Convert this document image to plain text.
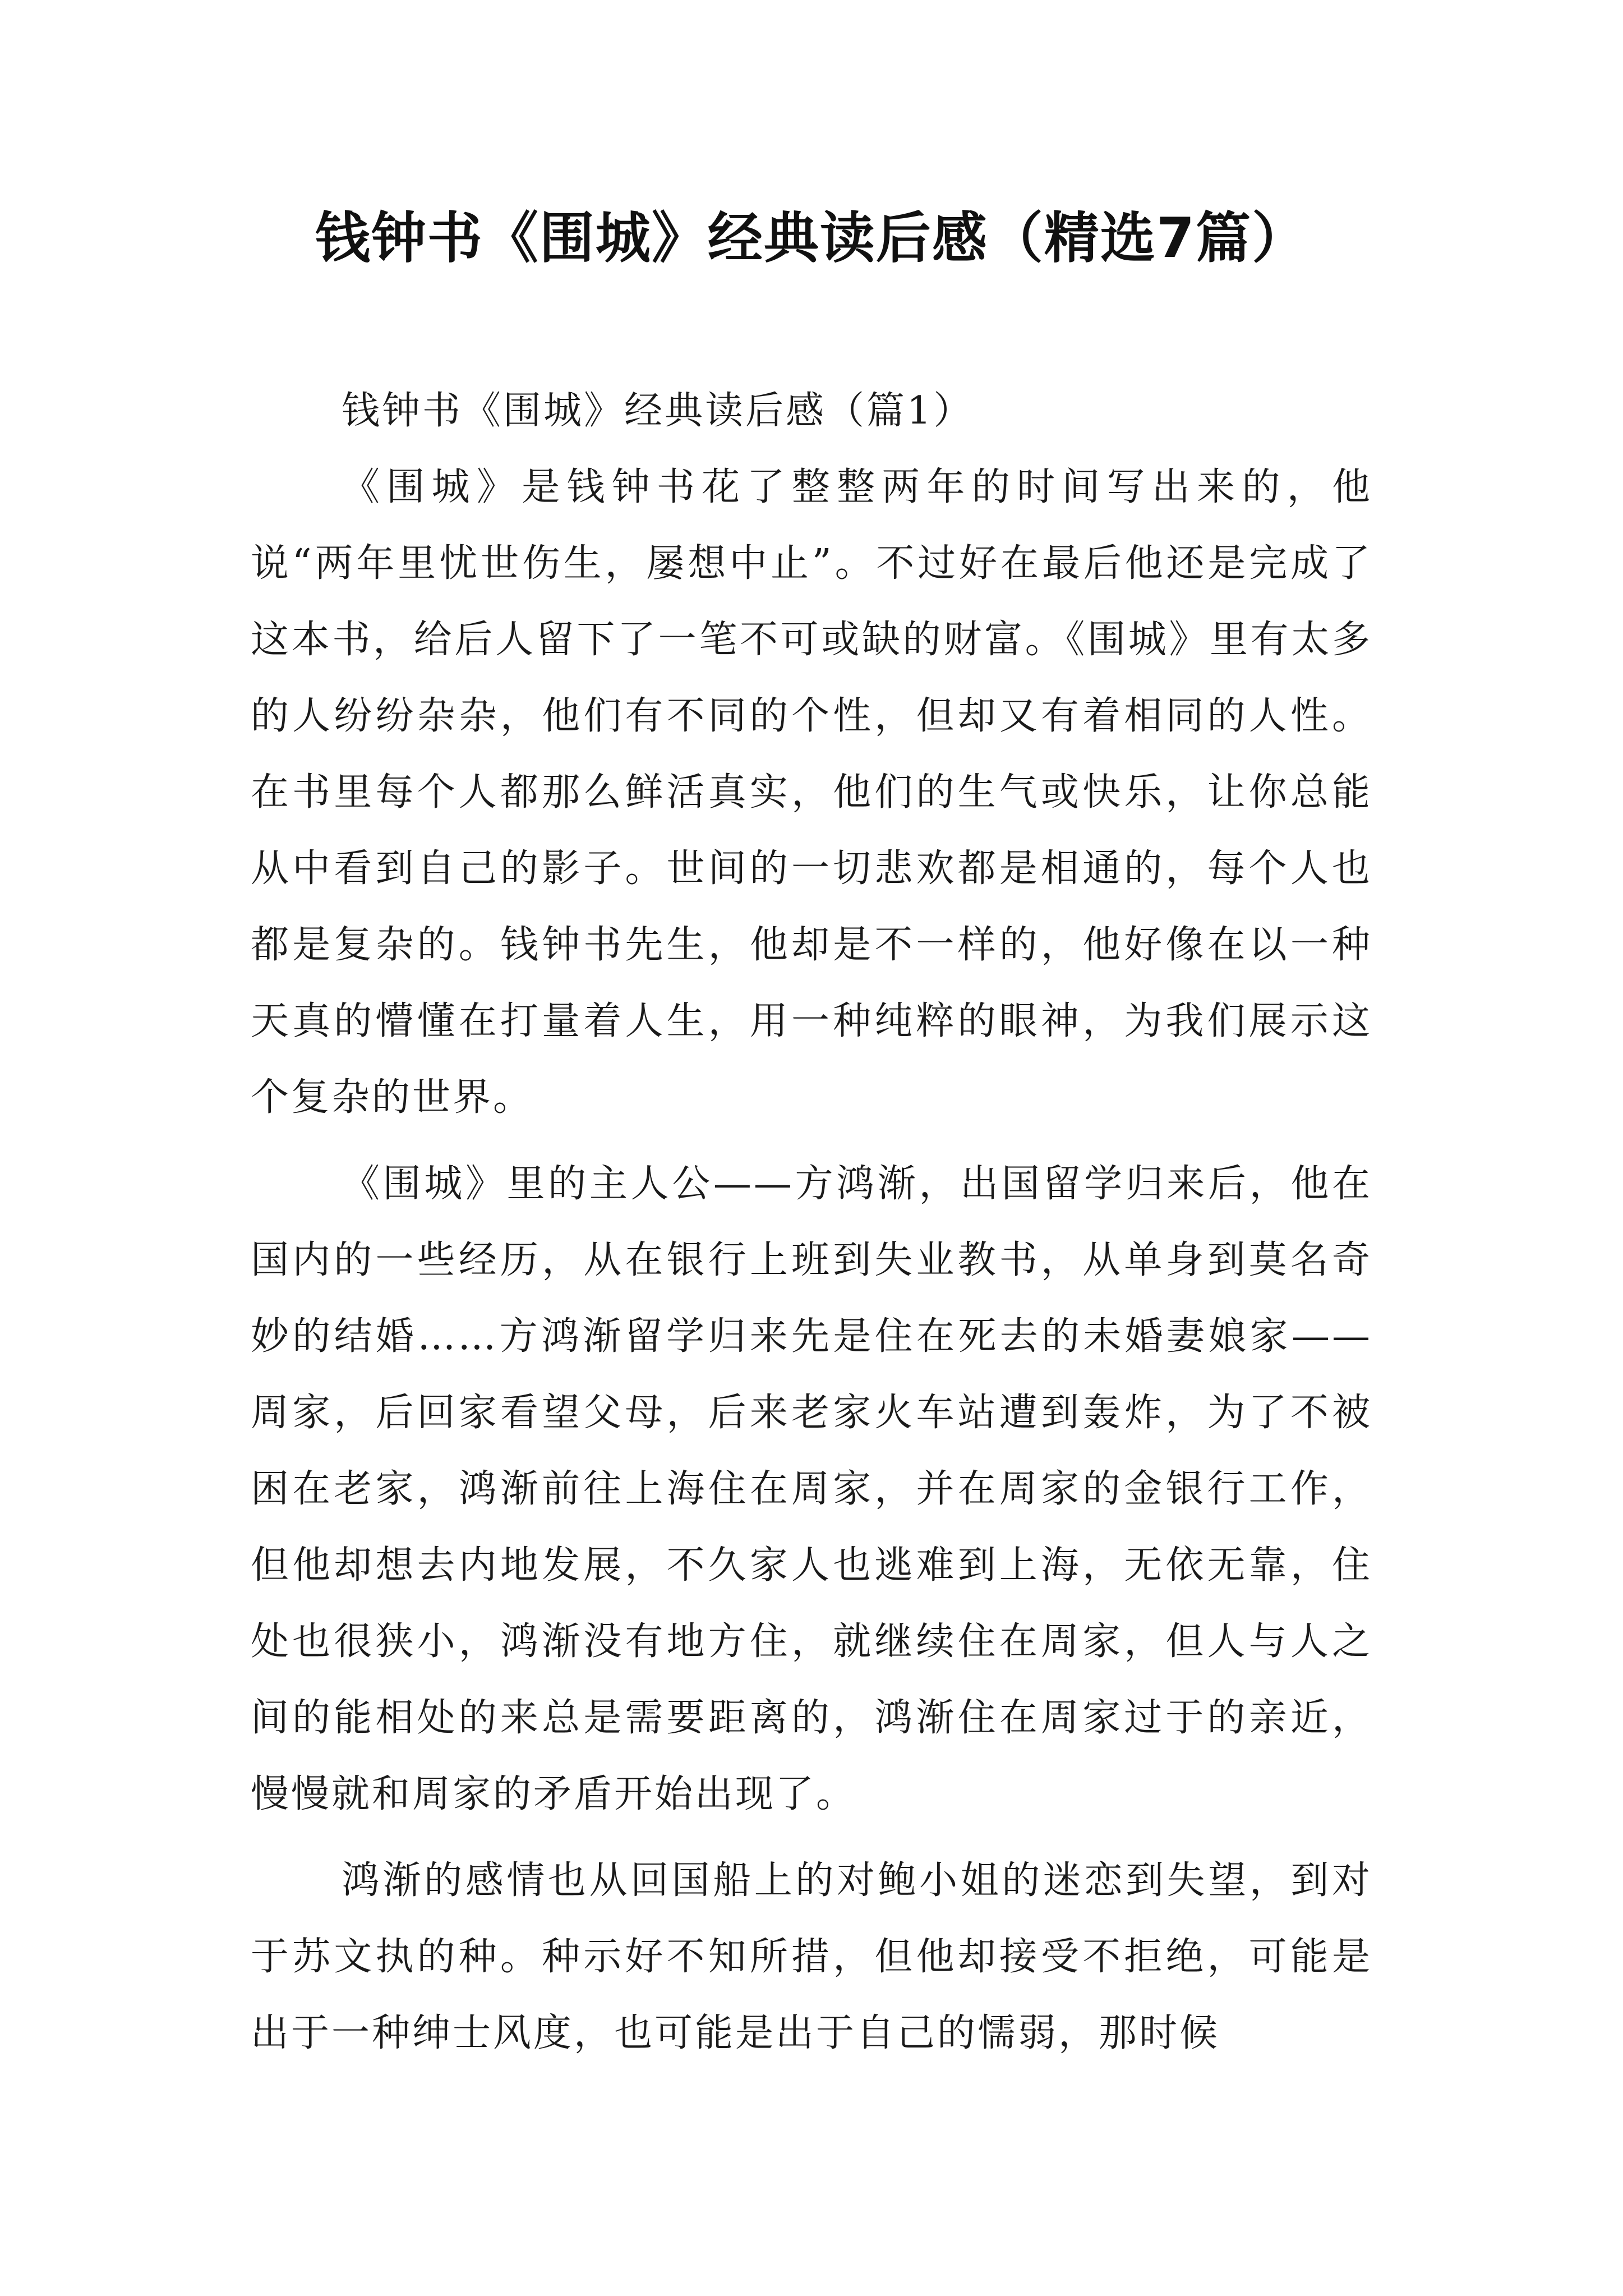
钱钟书《围城》经典读后感（精选7篇）

钱钟书《围城》经典读后感（篇1）

《围城》是钱钟书花了整整两年的时间写出来的，他说“两年里忧世伤生，屡想中止”。不过好在最后他还是完成了这本书，给后人留下了一笔不可或缺的财富。《围城》里有太多的人纷纷杂杂，他们有不同的个性，但却又有着相同的人性。在书里每个人都那么鲜活真实，他们的生气或快乐，让你总能从中看到自己的影子。世间的一切悲欢都是相通的，每个人也都是复杂的。钱钟书先生，他却是不一样的，他好像在以一种天真的懵懂在打量着人生，用一种纯粹的眼神，为我们展示这个复杂的世界。

《围城》里的主人公——方鸿渐，出国留学归来后，他在国内的一些经历，从在银行上班到失业教书，从单身到莫名奇妙的结婚……方鸿渐留学归来先是住在死去的未婚妻娘家——周家，后回家看望父母，后来老家火车站遭到轰炸，为了不被困在老家，鸿渐前往上海住在周家，并在周家的金银行工作，但他却想去内地发展，不久家人也逃难到上海，无依无靠，住处也很狭小，鸿渐没有地方住，就继续住在周家，但人与人之间的能相处的来总是需要距离的，鸿渐住在周家过于的亲近，慢慢就和周家的矛盾开始出现了。

鸿渐的感情也从回国船上的对鲍小姐的迷恋到失望，到对于苏文执的种。种示好不知所措，但他却接受不拒绝，可能是出于一种绅士风度，也可能是出于自己的懦弱，那时候
